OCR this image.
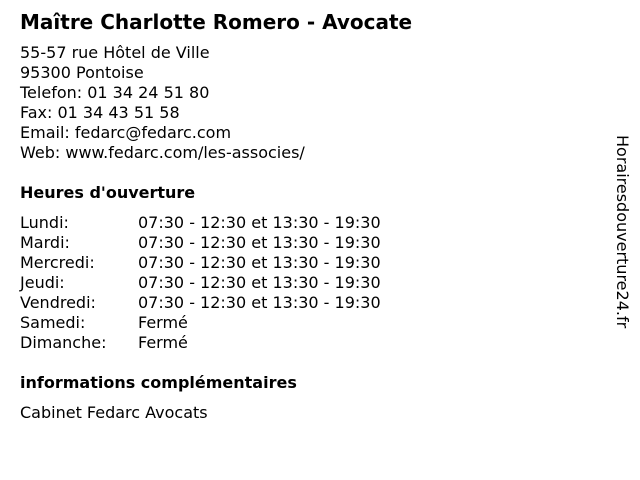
Maître Charlotte Romero - Avocate
55-57 rue Hôtel de Ville
95300 Pontoise
Telefon: 01 34 24 51 80
Fax: 01 34 43 51 58
Email: fedarc@fedarc.com
Web: www.fedarc.com/les-associes/
Heures d'ouverture
Lundi:	07:30 - 12:30 et 13:30 - 19:30
Mardi:	07:30 - 12:30 et 13:30 - 19:30
Mercredi:	07:30 - 12:30 et 13:30 - 19:30
Jeudi:	07:30 - 12:30 et 13:30 - 19:30
Vendredi:	07:30 - 12:30 et 13:30 - 19:30
Samedi:	Fermé
Dimanche:	Fermé
informations complémentaires
Cabinet Fedarc Avocats
Horairesdouverture24.fr
